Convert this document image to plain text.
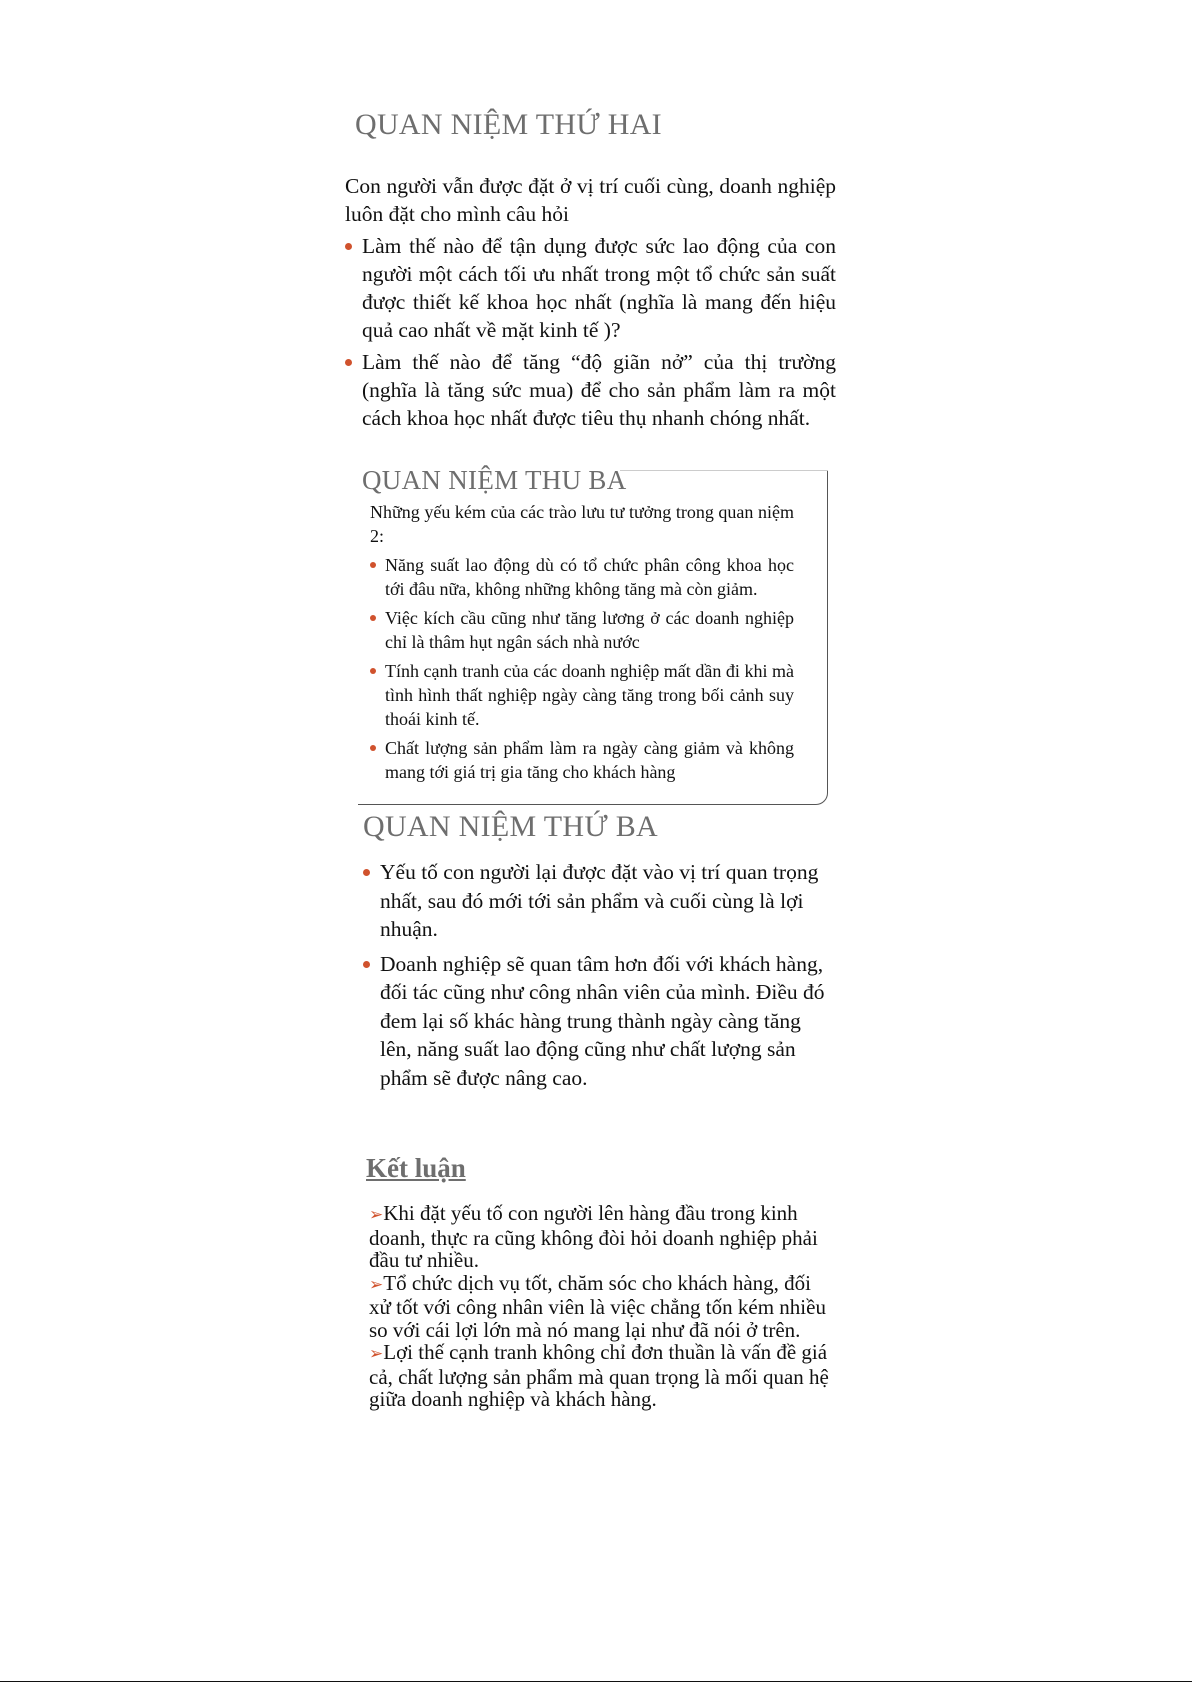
QUAN NIỆM THỨ HAI

Con người vẫn được đặt ở vị trí cuối cùng, doanh nghiệp luôn đặt cho mình câu hỏi

Làm thế nào để tận dụng được sức lao động của con người một cách tối ưu nhất trong một tổ chức sản suất được thiết kế khoa học nhất (nghĩa là mang đến hiệu quả cao nhất về mặt kinh tế )?
Làm thế nào để tăng “độ giãn nở” của thị trường (nghĩa là tăng sức mua) để cho sản phẩm làm ra một cách khoa học nhất được tiêu thụ nhanh chóng nhất.
QUAN NIỆM THU BA

Những yếu kém của các trào lưu tư tưởng trong quan niệm 2:

Năng suất lao động dù có tổ chức phân công khoa học tới đâu nữa, không những không tăng mà còn giảm.
Việc kích cầu cũng như tăng lương ở các doanh nghiệp chỉ là thâm hụt ngân sách nhà nước
Tính cạnh tranh của các doanh nghiệp mất dần đi khi mà tình hình thất nghiệp ngày càng tăng trong bối cảnh suy thoái kinh tế.
Chất lượng sản phẩm làm ra ngày càng giảm và không mang tới giá trị gia tăng cho khách hàng
QUAN NIỆM THỨ BA
Yếu tố con người lại được đặt vào vị trí quan trọng nhất, sau đó mới tới sản phẩm và cuối cùng là lợi nhuận.
Doanh nghiệp sẽ quan tâm hơn đối với khách hàng, đối tác cũng như công nhân viên của mình. Điều đó đem lại số khác hàng trung thành ngày càng tăng lên, năng suất lao động cũng như chất lượng sản phẩm sẽ được nâng cao.
Kết luận

➢Khi đặt yếu tố con người lên hàng đầu trong kinh doanh, thực ra cũng không đòi hỏi doanh nghiệp phải đầu tư nhiều.

➢Tổ chức dịch vụ tốt, chăm sóc cho khách hàng, đối xử tốt với công nhân viên là việc chẳng tốn kém nhiều so với cái lợi lớn mà nó mang lại như đã nói ở trên.

➢Lợi thế cạnh tranh không chỉ đơn thuần là vấn đề giá cả, chất lượng sản phẩm mà quan trọng là mối quan hệ giữa doanh nghiệp và khách hàng.
